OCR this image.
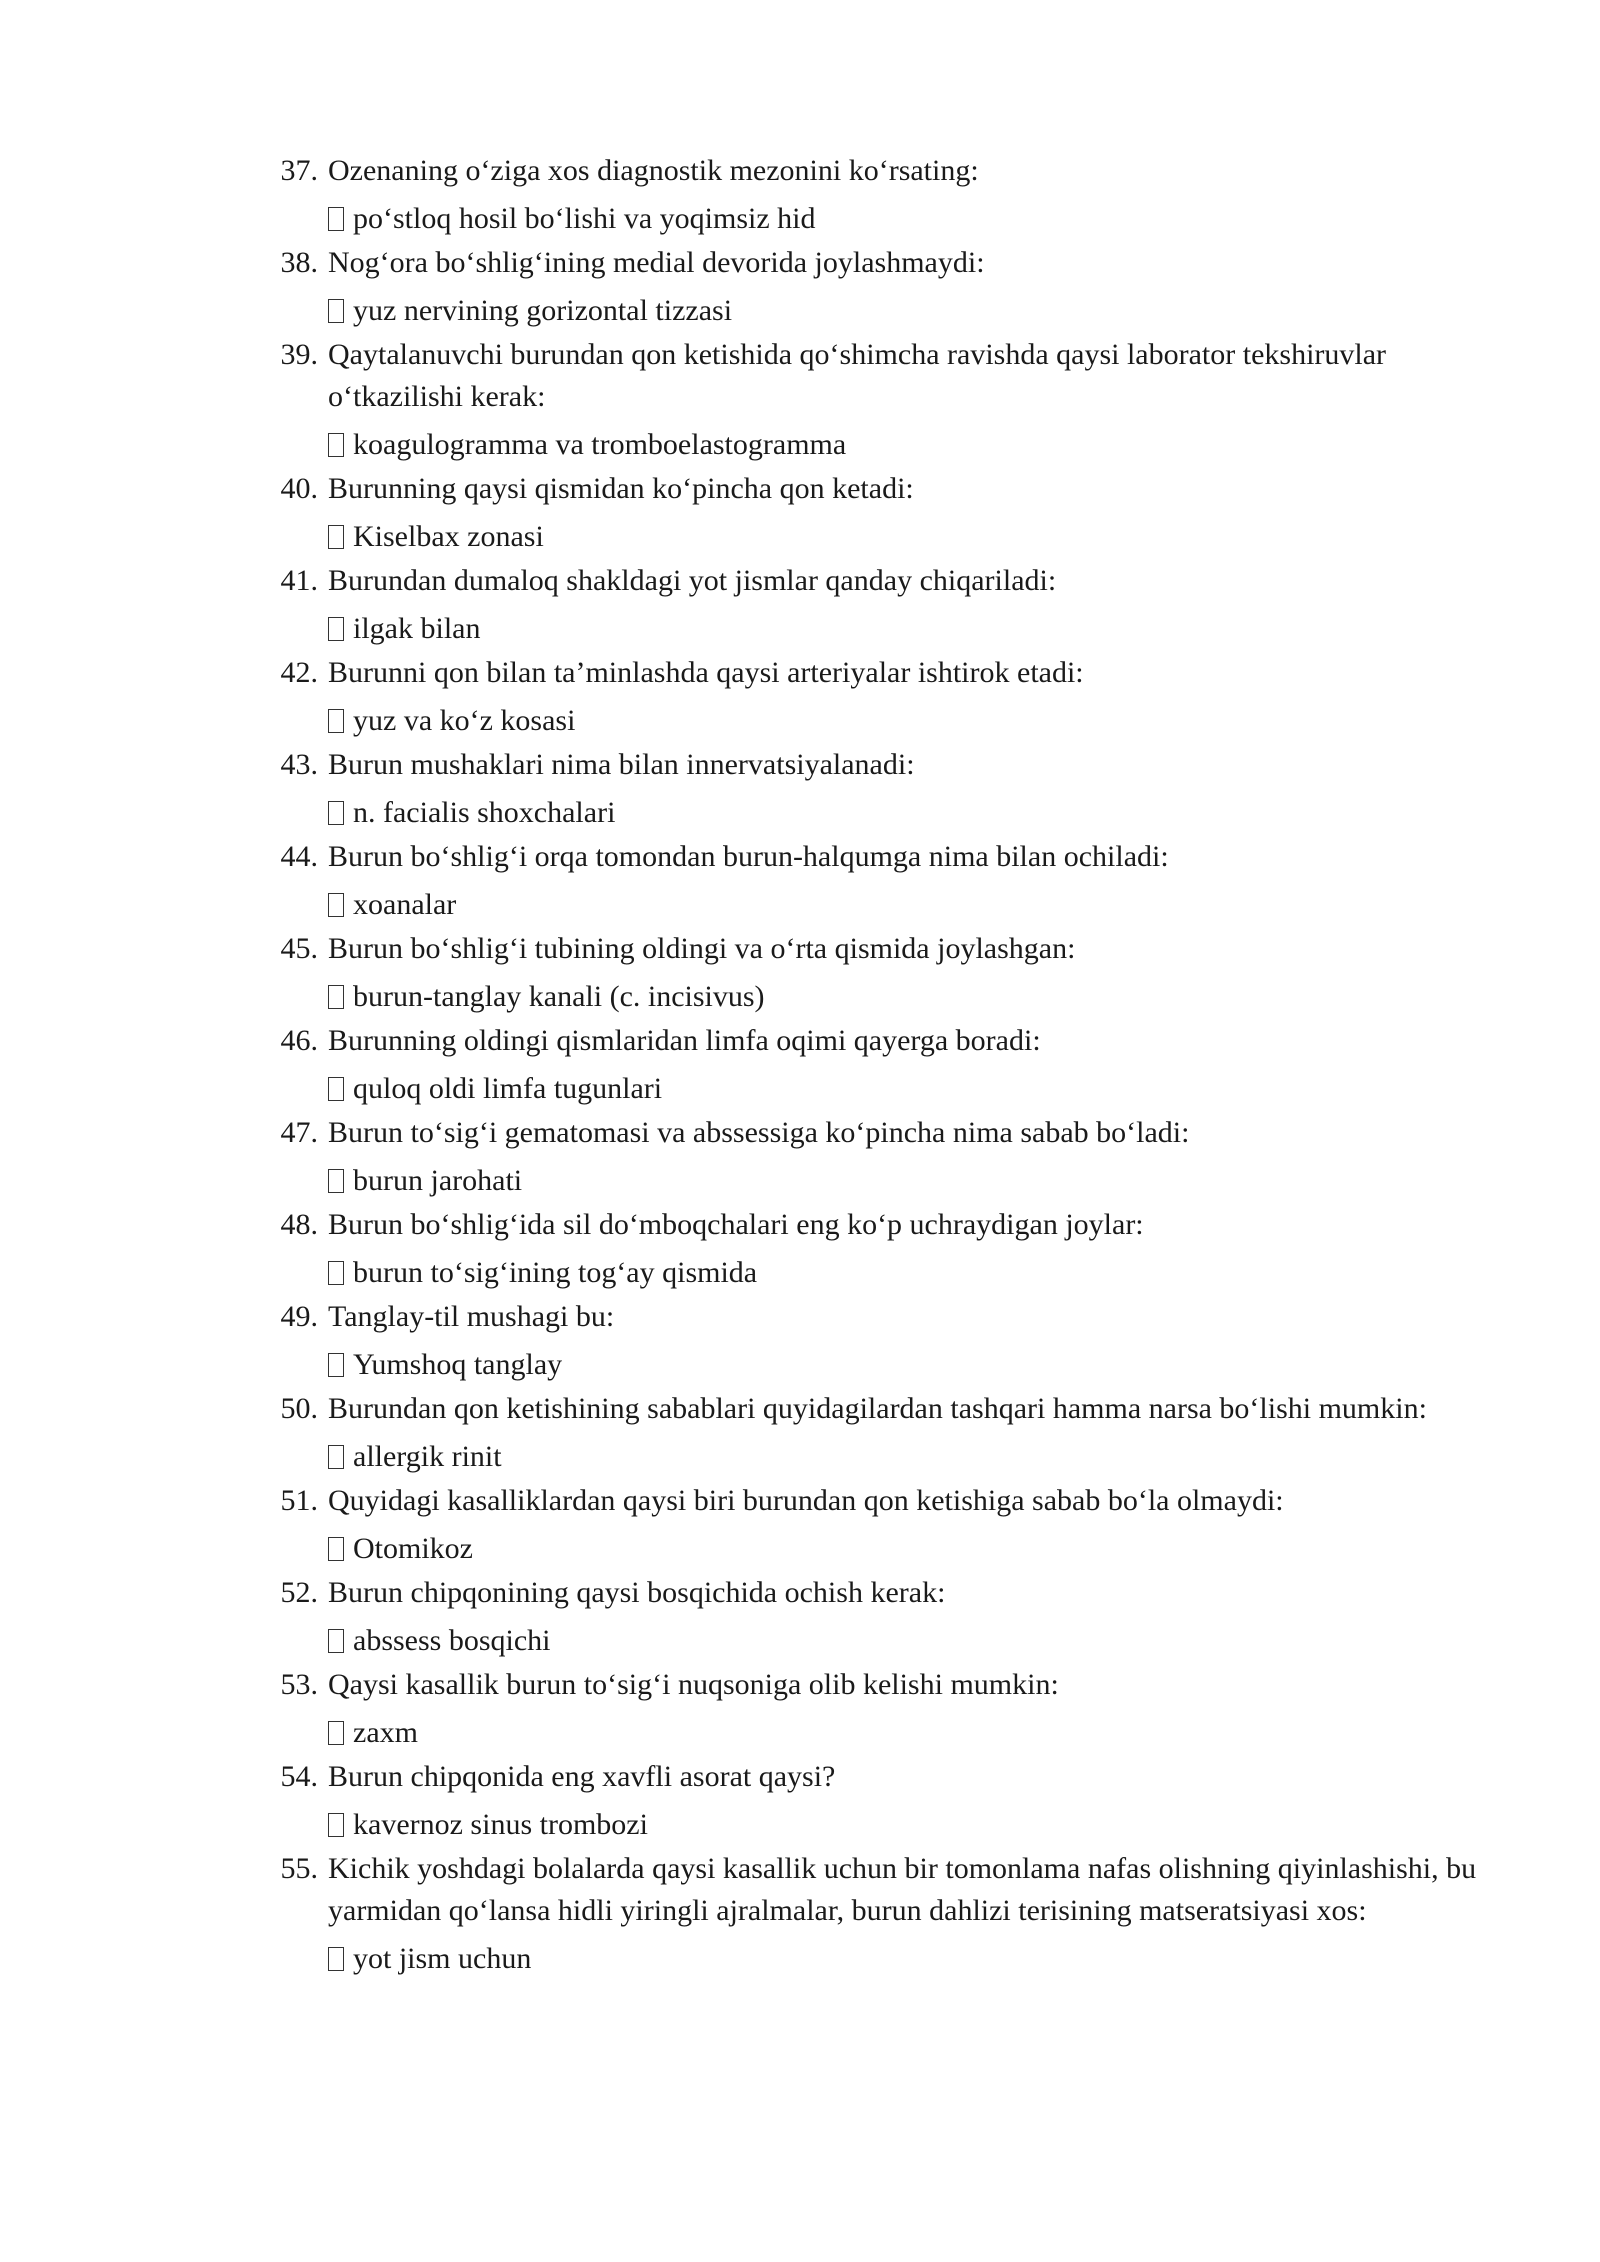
37. Ozenaning o‘ziga xos diagnostik mezonini ko‘rsating:
po‘stloq hosil bo‘lishi va yoqimsiz hid
38. Nog‘ora bo‘shlig‘ining medial devorida joylashmaydi:
yuz nervining gorizontal tizzasi
39. Qaytalanuvchi burundan qon ketishida qo‘shimcha ravishda qaysi laborator tekshiruvlar o‘tkazilishi kerak:
koagulogramma va tromboelastogramma
40. Burunning qaysi qismidan ko‘pincha qon ketadi:
Kiselbax zonasi
41. Burundan dumaloq shakldagi yot jismlar qanday chiqariladi:
ilgak bilan
42. Burunni qon bilan ta’minlashda qaysi arteriyalar ishtirok etadi:
yuz va ko‘z kosasi
43. Burun mushaklari nima bilan innervatsiyalanadi:
n. facialis shoxchalari
44. Burun bo‘shlig‘i orqa tomondan burun-halqumga nima bilan ochiladi:
xoanalar
45. Burun bo‘shlig‘i tubining oldingi va o‘rta qismida joylashgan:
burun-tanglay kanali (c. incisivus)
46. Burunning oldingi qismlaridan limfa oqimi qayerga boradi:
quloq oldi limfa tugunlari
47. Burun to‘sig‘i gematomasi va abssessiga ko‘pincha nima sabab bo‘ladi:
burun jarohati
48. Burun bo‘shlig‘ida sil do‘mboqchalari eng ko‘p uchraydigan joylar:
burun to‘sig‘ining tog‘ay qismida
49. Tanglay-til mushagi bu:
Yumshoq tanglay
50. Burundan qon ketishining sabablari quyidagilardan tashqari hamma narsa bo‘lishi mumkin:
allergik rinit
51. Quyidagi kasalliklardan qaysi biri burundan qon ketishiga sabab bo‘la olmaydi:
Otomikoz
52. Burun chipqonining qaysi bosqichida ochish kerak:
abssess bosqichi
53. Qaysi kasallik burun to‘sig‘i nuqsoniga olib kelishi mumkin:
zaxm
54. Burun chipqonida eng xavfli asorat qaysi?
kavernoz sinus trombozi
55. Kichik yoshdagi bolalarda qaysi kasallik uchun bir tomonlama nafas olishning qiyinlashishi, bu yarmidan qo‘lansa hidli yiringli ajralmalar, burun dahlizi terisining matseratsiyasi xos:
yot jism uchun
